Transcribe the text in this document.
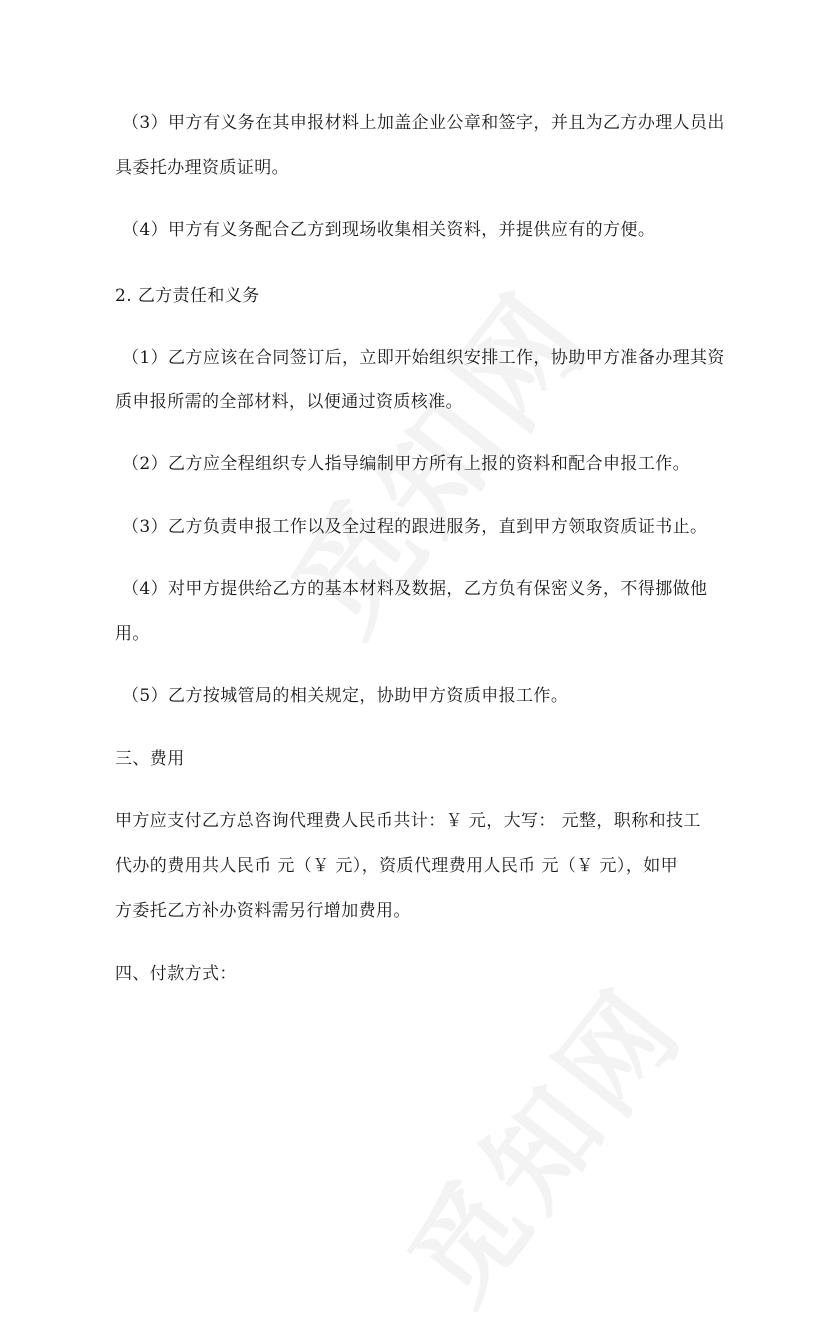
（3）甲方有义务在其申报材料上加盖企业公章和签字，并且为乙方办理人员出
具委托办理资质证明。
（4）甲方有义务配合乙方到现场收集相关资料，并提供应有的方便。
2. 乙方责任和义务
（1）乙方应该在合同签订后，立即开始组织安排工作，协助甲方准备办理其资
质申报所需的全部材料，以便通过资质核准。
（2）乙方应全程组织专人指导编制甲方所有上报的资料和配合申报工作。
（3）乙方负责申报工作以及全过程的跟进服务，直到甲方领取资质证书止。
（4）对甲方提供给乙方的基本材料及数据，乙方负有保密义务，不得挪做他
用。
（5）乙方按城管局的相关规定，协助甲方资质申报工作。
三、费用
甲方应支付乙方总咨询代理费人民币共计：￥ 元，大写： 元整，职称和技工
代办的费用共人民币 元（￥ 元），资质代理费用人民币 元（￥ 元），如甲
方委托乙方补办资料需另行增加费用。
四、付款方式：
